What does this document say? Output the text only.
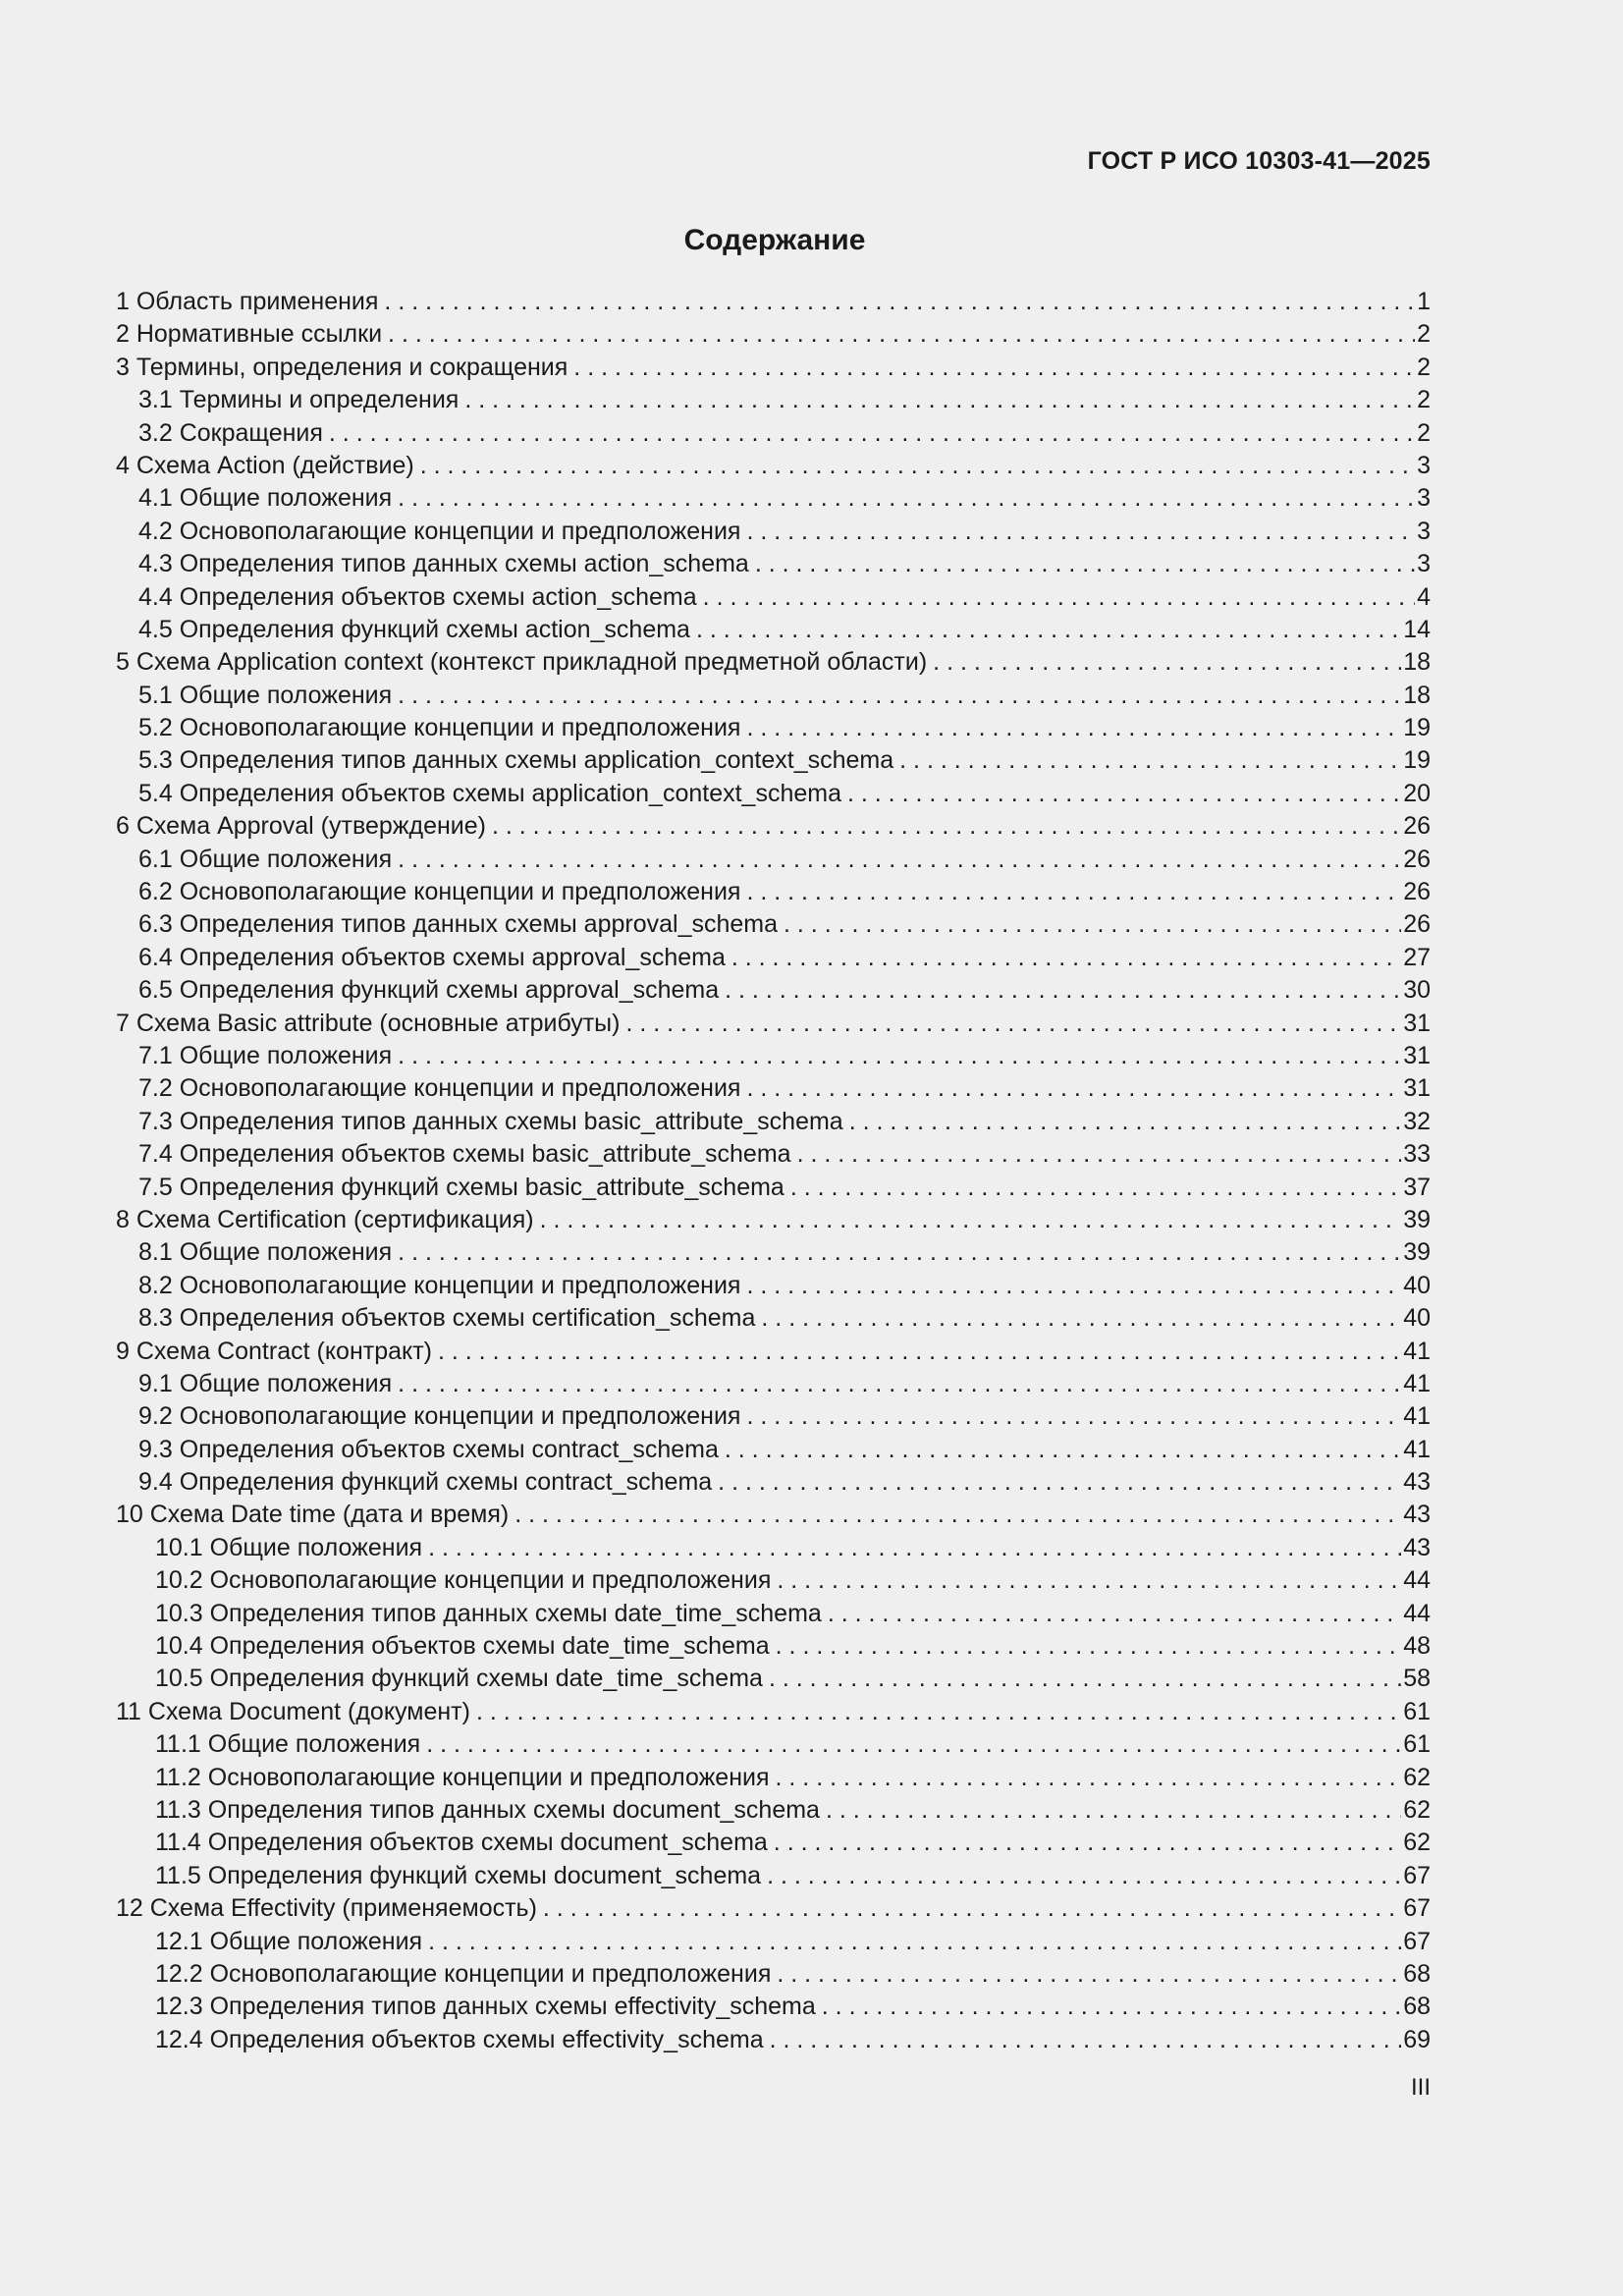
ГОСТ Р ИСО 10303-41—2025
Содержание
1 Область применения . . .	1
2 Нормативные ссылки . . .	2
3 Термины, определения и сокращения . . .	2
3.1 Термины и определения . . .	2
3.2 Сокращения . . .	2
4 Схема Action (действие) . . .	3
4.1 Общие положения . . .	3
4.2 Основополагающие концепции и предположения . . .	3
4.3 Определения типов данных схемы action_schema . . .	3
4.4 Определения объектов схемы action_schema . . .	4
4.5 Определения функций схемы action_schema . . .	14
5 Схема Application context (контекст прикладной предметной области) . . .	18
5.1 Общие положения . . .	18
5.2 Основополагающие концепции и предположения . . .	19
5.3 Определения типов данных схемы application_context_schema . . .	19
5.4 Определения объектов схемы application_context_schema . . .	20
6 Схема Approval (утверждение) . . .	26
6.1 Общие положения . . .	26
6.2 Основополагающие концепции и предположения . . .	26
6.3 Определения типов данных схемы approval_schema . . .	26
6.4 Определения объектов схемы approval_schema . . .	27
6.5 Определения функций схемы approval_schema . . .	30
7 Схема Basic attribute (основные атрибуты) . . .	31
7.1 Общие положения . . .	31
7.2 Основополагающие концепции и предположения . . .	31
7.3 Определения типов данных схемы basic_attribute_schema . . .	32
7.4 Определения объектов схемы basic_attribute_schema . . .	33
7.5 Определения функций схемы basic_attribute_schema . . .	37
8 Схема Certification (сертификация) . . .	39
8.1 Общие положения . . .	39
8.2 Основополагающие концепции и предположения . . .	40
8.3 Определения объектов схемы certification_schema . . .	40
9 Схема Contract (контракт) . . .	41
9.1 Общие положения . . .	41
9.2 Основополагающие концепции и предположения . . .	41
9.3 Определения объектов схемы contract_schema . . .	41
9.4 Определения функций схемы contract_schema . . .	43
10 Схема Date time (дата и время) . . .	43
10.1 Общие положения . . .	43
10.2 Основополагающие концепции и предположения . . .	44
10.3 Определения типов данных схемы date_time_schema . . .	44
10.4 Определения объектов схемы date_time_schema . . .	48
10.5 Определения функций схемы date_time_schema . . .	58
11 Схема Document (документ) . . .	61
11.1 Общие положения . . .	61
11.2 Основополагающие концепции и предположения . . .	62
11.3 Определения типов данных схемы document_schema . . .	62
11.4 Определения объектов схемы document_schema . . .	62
11.5 Определения функций схемы document_schema . . .	67
12 Схема Effectivity (применяемость) . . .	67
12.1 Общие положения . . .	67
12.2 Основополагающие концепции и предположения . . .	68
12.3 Определения типов данных схемы effectivity_schema . . .	68
12.4 Определения объектов схемы effectivity_schema . . .	69
III
